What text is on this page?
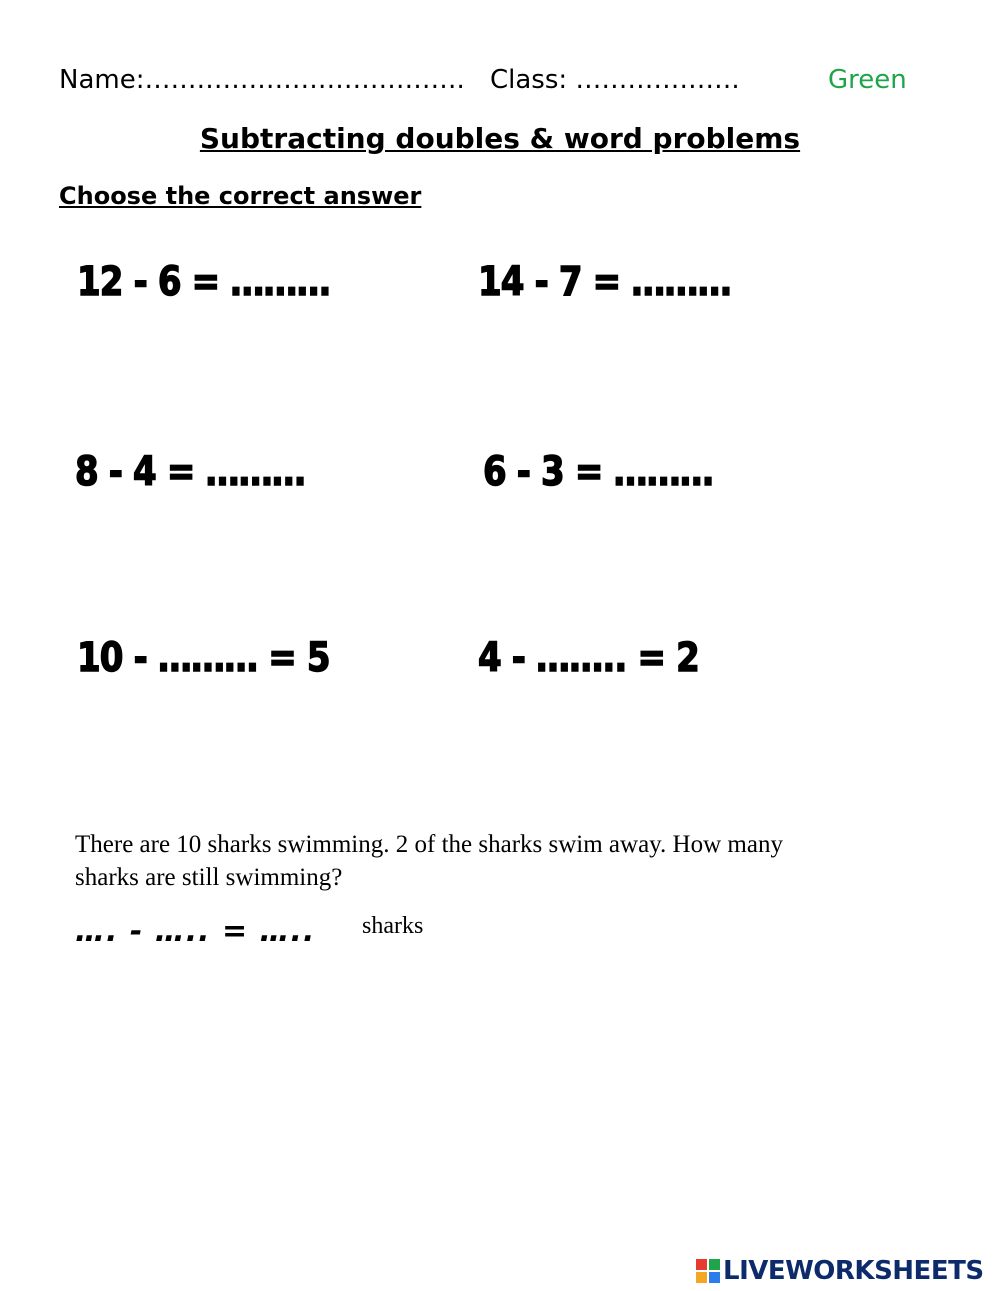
Name:………………………………. Class: ……………….	Green
Subtracting doubles & word problems
Choose the correct answer
12 - 6 = ………	14 - 7 = ………
8 - 4 = ………	6 - 3 = ………
10 - ……… = 5	4 - …….. = 2
There are 10 sharks swimming. 2 of the sharks swim away. How many sharks are still swimming?
…. - ….. = ….. sharks
LIVEWORKSHEETS
